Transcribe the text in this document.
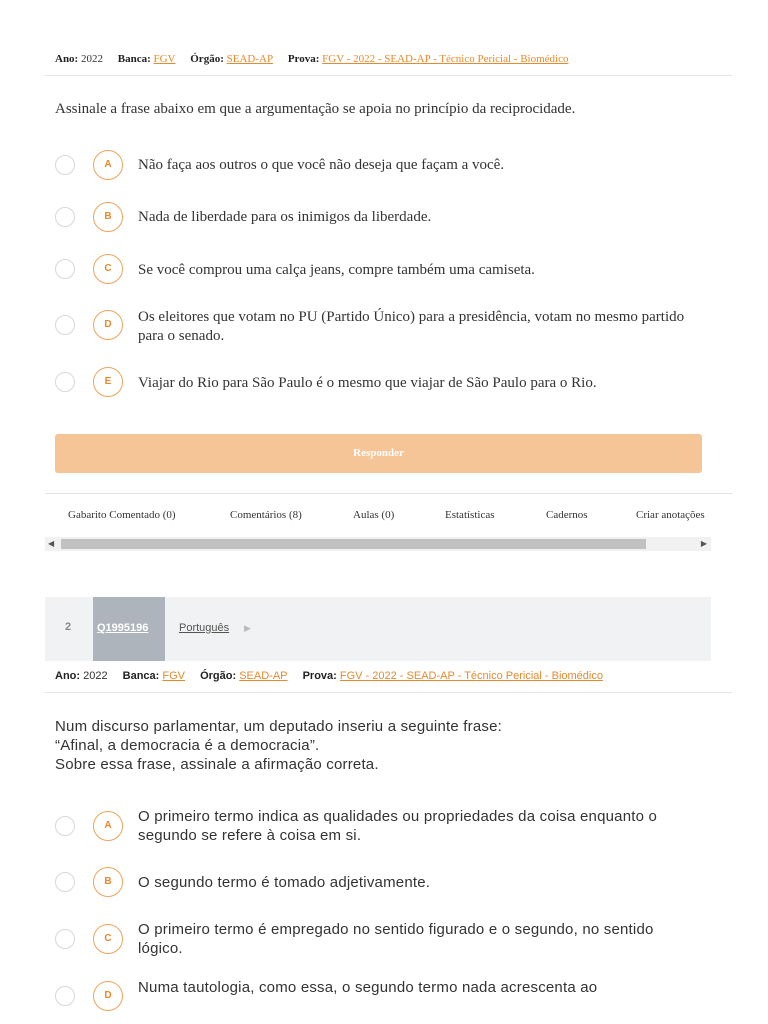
Ano: 2022 Banca: FGV Órgão: SEAD-AP Prova: FGV - 2022 - SEAD-AP - Técnico Pericial - Biomédico
Assinale a frase abaixo em que a argumentação se apoia no princípio da reciprocidade.
A	Não faça aos outros o que você não deseja que façam a você.
B	Nada de liberdade para os inimigos da liberdade.
C	Se você comprou uma calça jeans, compre também uma camiseta.
D	Os eleitores que votam no PU (Partido Único) para a presidência, votam no mesmo partido para o senado.
E	Viajar do Rio para São Paulo é o mesmo que viajar de São Paulo para o Rio.
Responder
Gabarito Comentado (0)	Comentários (8)	Aulas (0)	Estatísticas	Cadernos	Criar anotações
◀	▶
2 Q1995196	Português ▶
Ano: 2022 Banca: FGV Órgão: SEAD-AP Prova: FGV - 2022 - SEAD-AP - Técnico Pericial - Biomédico
Num discurso parlamentar, um deputado inseriu a seguinte frase:
“Afinal, a democracia é a democracia”.
Sobre essa frase, assinale a afirmação correta.
A
O primeiro termo indica as qualidades ou propriedades da coisa enquanto o segundo se refere à coisa em si.
B	O segundo termo é tomado adjetivamente.
C
O primeiro termo é empregado no sentido figurado e o segundo, no sentido lógico.
D	Numa tautologia, como essa, o segundo termo nada acrescenta ao
